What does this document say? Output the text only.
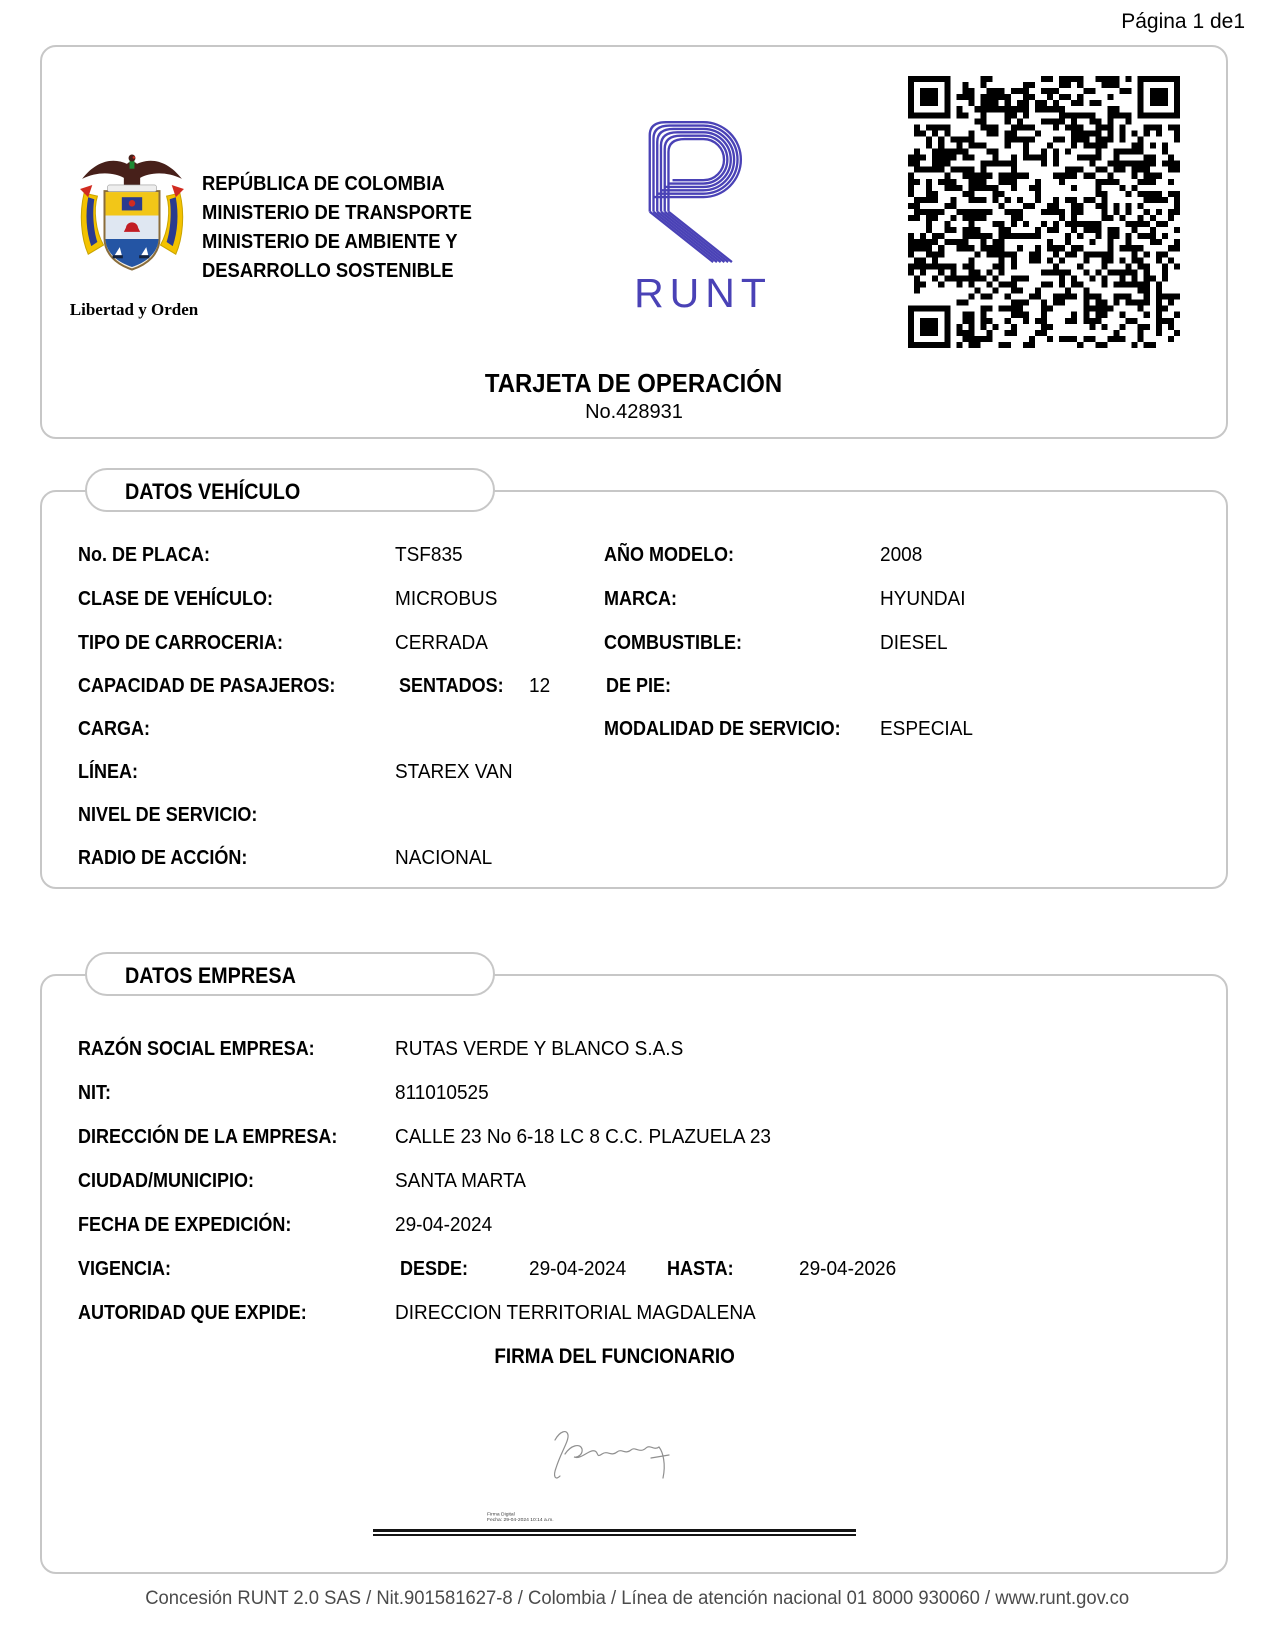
Página 1 de1
Libertad y Orden
REPÚBLICA DE COLOMBIA
MINISTERIO DE TRANSPORTE
MINISTERIO DE AMBIENTE Y
DESARROLLO SOSTENIBLE	RUNT
TARJETA DE OPERACIÓN
No.428931
DATOS VEHÍCULO
No. DE PLACA:	TSF835	AÑO MODELO:	2008
CLASE DE VEHÍCULO:	MICROBUS	MARCA:	HYUNDAI
TIPO DE CARROCERIA:	CERRADA	COMBUSTIBLE:	DIESEL
CAPACIDAD DE PASAJEROS:	SENTADOS: 12	DE PIE:
CARGA:	MODALIDAD DE SERVICIO: ESPECIAL
LÍNEA:	STAREX VAN
NIVEL DE SERVICIO:
RADIO DE ACCIÓN:	NACIONAL
DATOS EMPRESA
RAZÓN SOCIAL EMPRESA:	RUTAS VERDE Y BLANCO S.A.S
NIT:	811010525
DIRECCIÓN DE LA EMPRESA:	CALLE 23 No 6-18 LC 8 C.C. PLAZUELA 23
CIUDAD/MUNICIPIO:	SANTA MARTA
FECHA DE EXPEDICIÓN:	29-04-2024
VIGENCIA:	DESDE:	29-04-2024 HASTA:	29-04-2026
AUTORIDAD QUE EXPIDE:	DIRECCION TERRITORIAL MAGDALENA
FIRMA DEL FUNCIONARIO
Firma Digital
Fecha: 29-04-2024 10:14 a.m.
Concesión RUNT 2.0 SAS / Nit.901581627-8 / Colombia / Línea de atención nacional 01 8000 930060 / www.runt.gov.co
